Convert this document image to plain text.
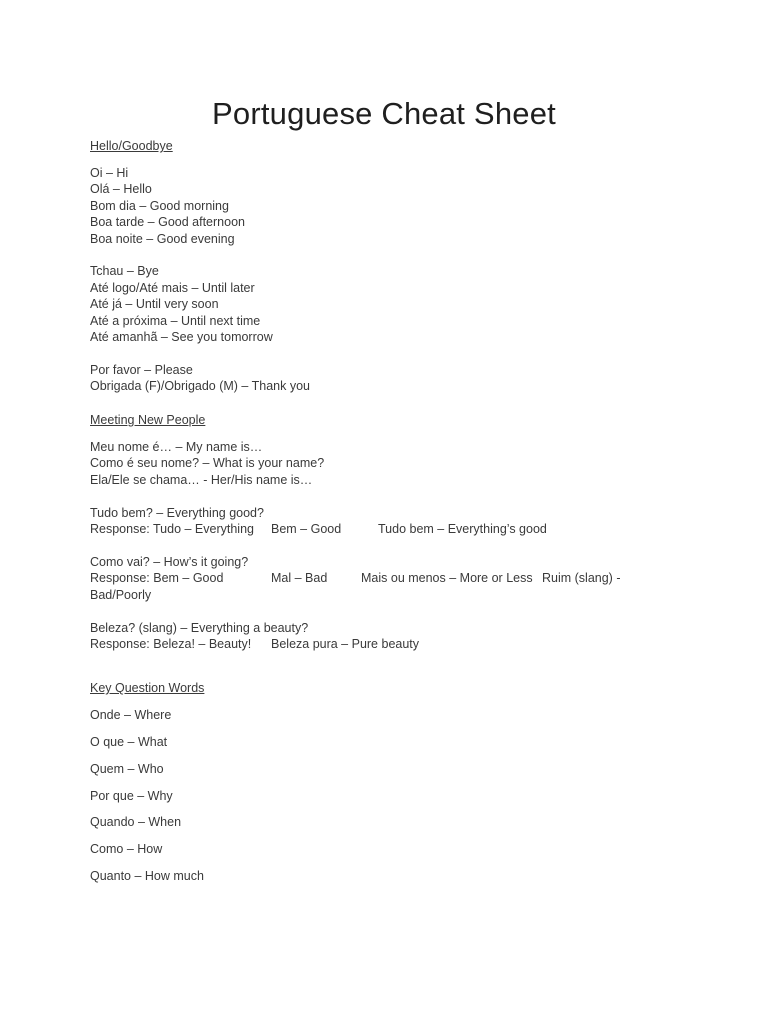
Portuguese Cheat Sheet
Hello/Goodbye
Oi – Hi
Olá – Hello
Bom dia – Good morning
Boa tarde – Good afternoon
Boa noite – Good evening
Tchau – Bye
Até logo/Até mais – Until later
Até já – Until very soon
Até a próxima – Until next time
Até amanhã – See you tomorrow
Por favor – Please
Obrigada (F)/Obrigado (M) – Thank you
Meeting New People
Meu nome é… – My name is…
Como é seu nome? – What is your name?
Ela/Ele se chama… - Her/His name is…
Tudo bem? – Everything good?
Response: Tudo – Everything Bem – Good	Tudo bem – Everything’s good
Como vai? – How’s it going?
Response: Bem – Good	Mal – Bad	Mais ou menos – More or Less Ruim (slang) -
Bad/Poorly
Beleza? (slang) – Everything a beauty?
Response: Beleza! – Beauty! Beleza pura – Pure beauty
Key Question Words
Onde – Where
O que – What
Quem – Who
Por que – Why
Quando – When
Como – How
Quanto – How much
